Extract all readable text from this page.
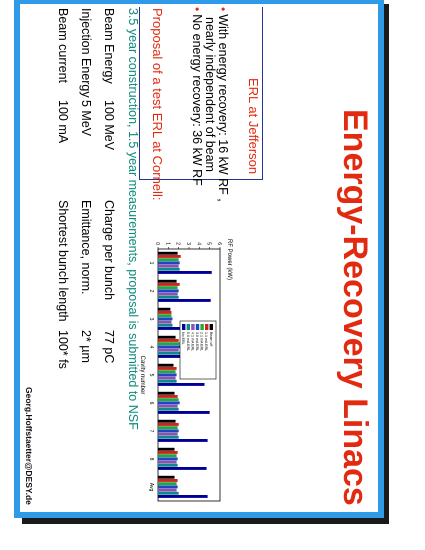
Energy-Recovery Linacs
ERL at Jefferson
•With energy recovery: 16 kW RF ,
nearly independent of beam
•No energy recovery: 36 kW RF
Proposal of a test ERL at Cornell:
3.5 year construction, 1.5 year measurements, proposal is submitted to NSF
Beam Energy
100 MeV
Injection Energy
5 MeV
Beam current
100 mA
Charge per bunch
77 pC
Emittance, norm.
2* µm
Shortest bunch length
100* fs
Georg.Hoffstaetter@DESY.de
RF Power (kW)
0 1 2 3 4 5 6
1
2
3
4
5
6
7
8
Avg
Cavity number
Beam off
1.1 mA ERL
2.1 mA ERL
3.0 mA ERL
4.1 mA ERL
5.0 mA ERL
No ERL
